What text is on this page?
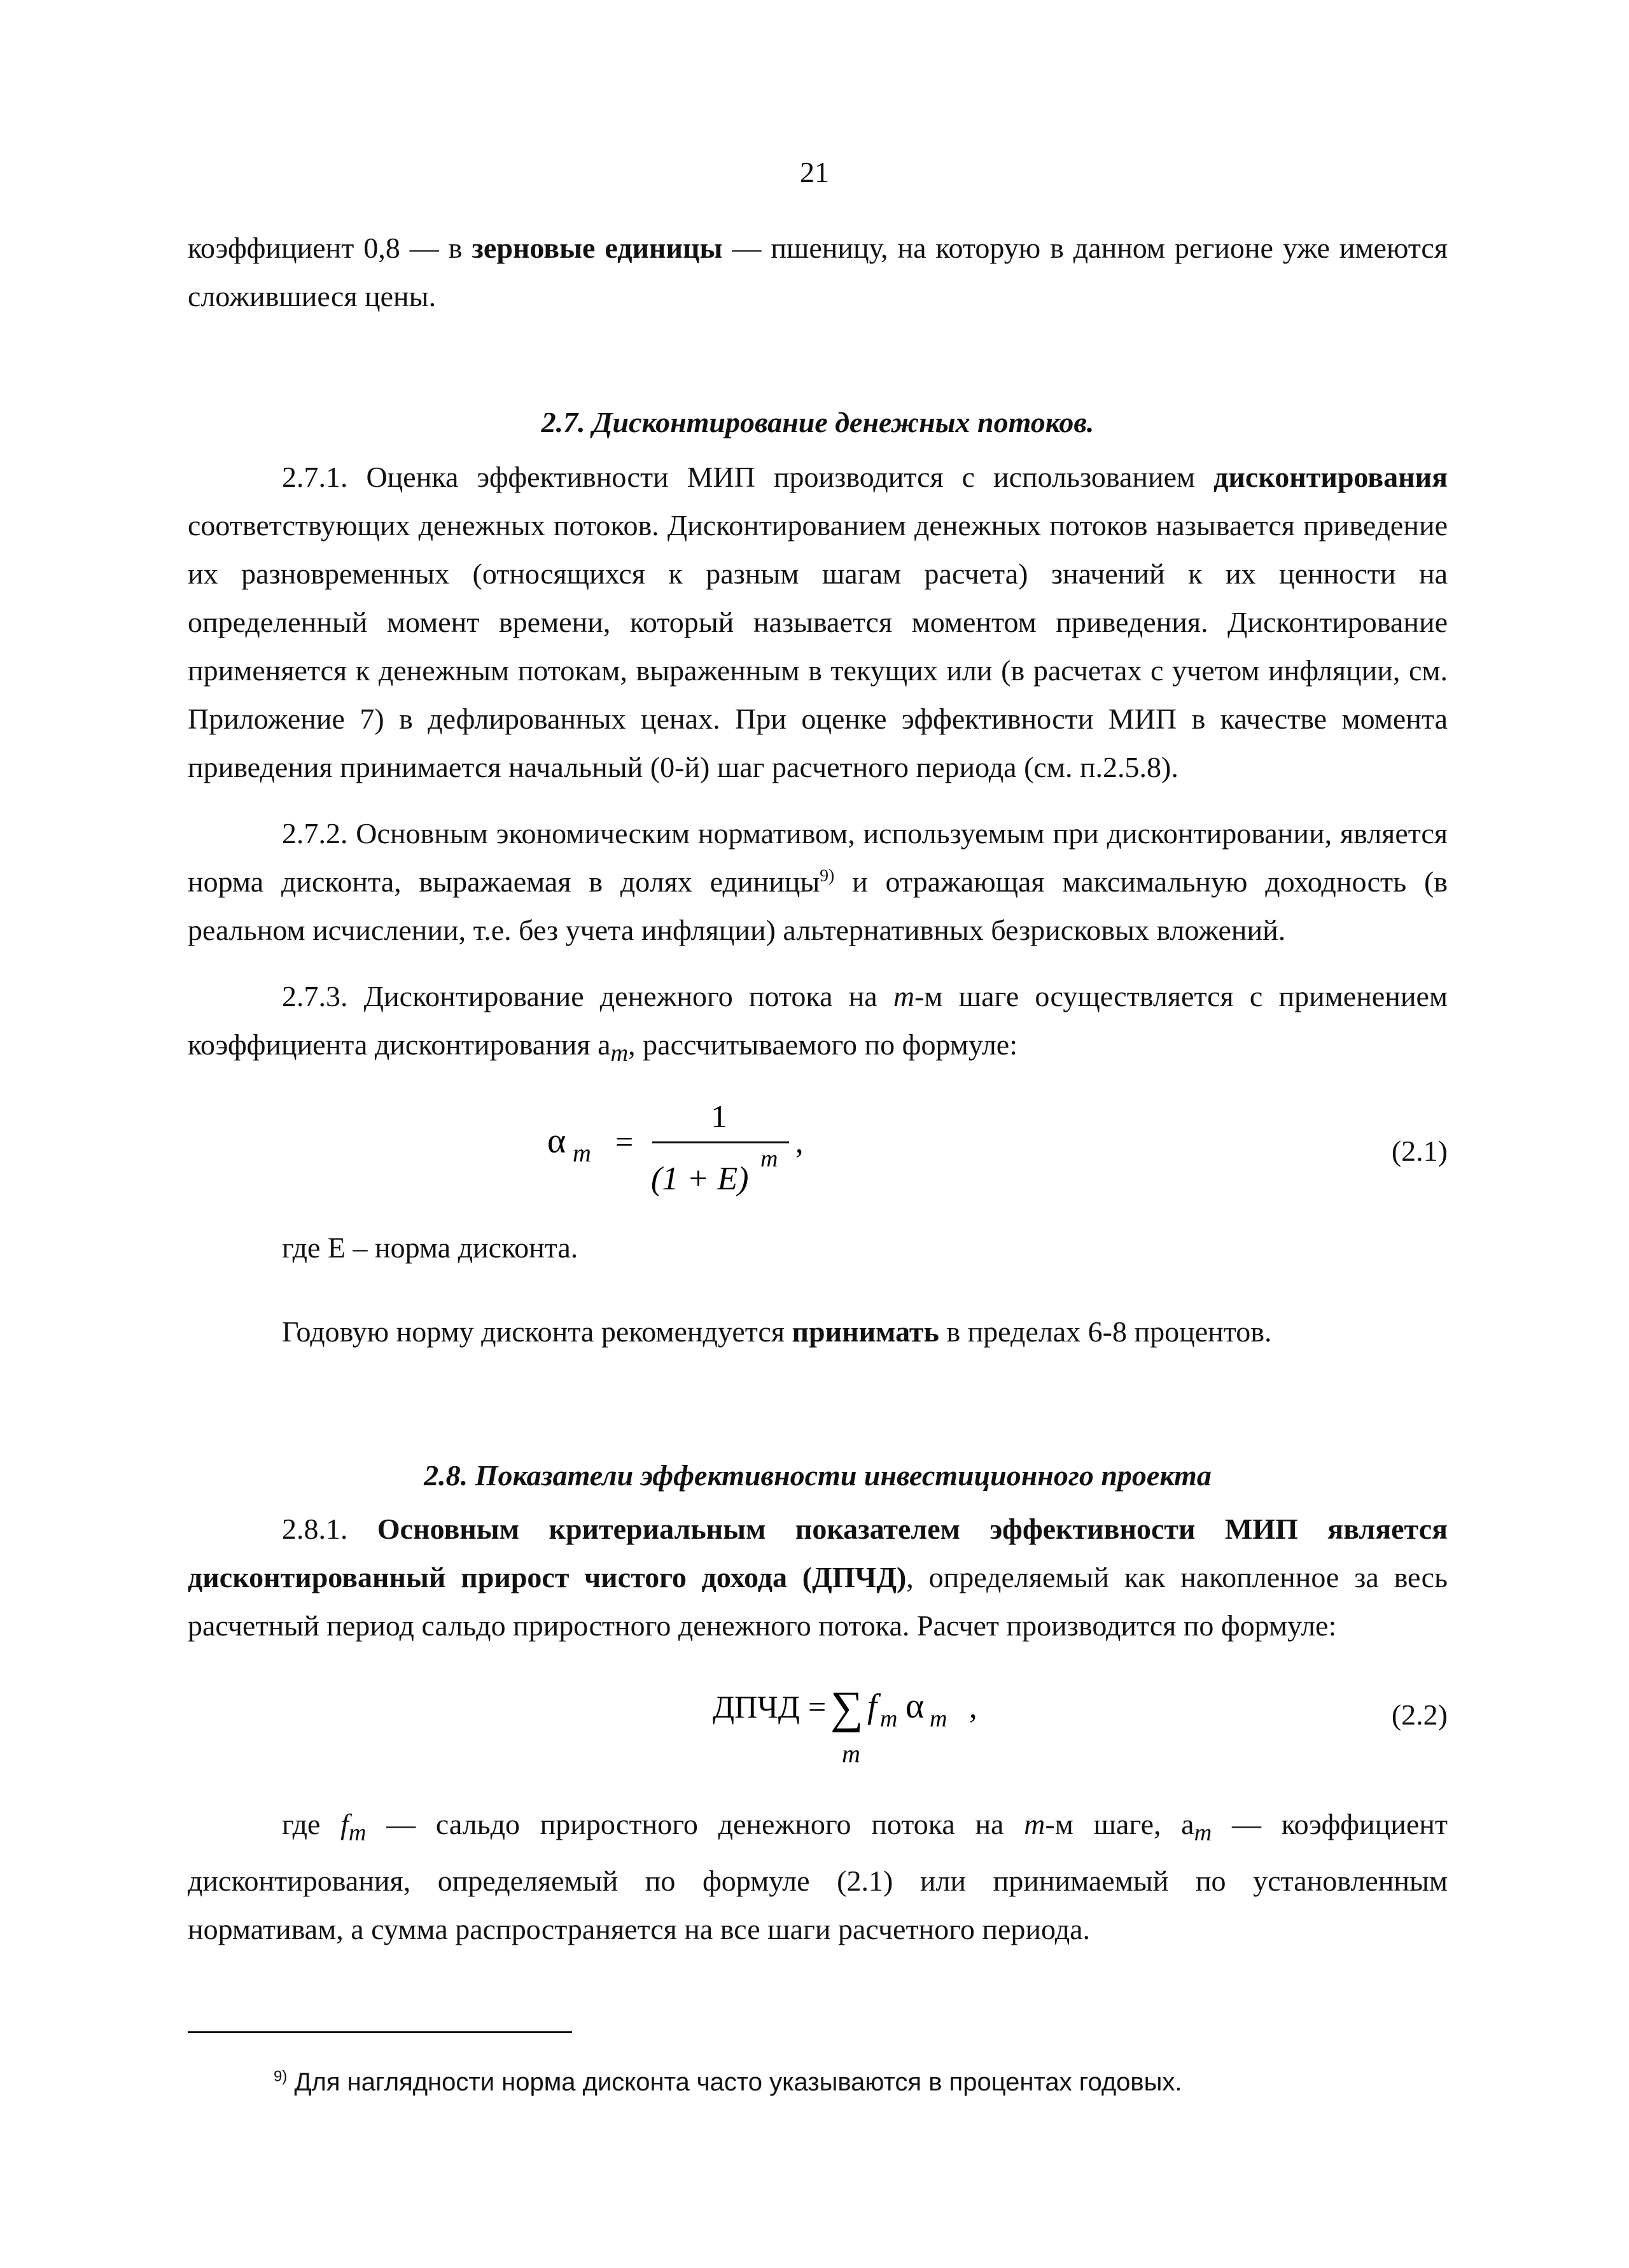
21

коэффициент 0,8 — в зерновые единицы — пшеницу, на которую в данном регионе уже имеются сложившиеся цены.

2.7. Дисконтирование денежных потоков.

2.7.1. Оценка эффективности МИП производится с использованием дисконтирования соответствующих денежных потоков. Дисконтированием денежных потоков называется приведение их разновременных (относящихся к разным шагам расчета) значений к их ценности на определенный момент времени, который называется моментом приведения. Дисконтирование применяется к денежным потокам, выраженным в текущих или (в расчетах с учетом инфляции, см. Приложение 7) в дефлированных ценах. При оценке эффективности МИП в качестве момента приведения принимается начальный (0-й) шаг расчетного периода (см. п.2.5.8).

2.7.2. Основным экономическим нормативом, используемым при дисконтировании, является норма дисконта, выражаемая в долях единицы$^{9)}$ и отражающая максимальную доходность (в реальном исчислении, т.е. без учета инфляции) альтернативных безрисковых вложений.

2.7.3. Дисконтирование денежного потока на m-м шаге осуществляется с применением коэффициента дисконтирования $a_m$, рассчитываемого по формуле:

α m =
1
(1 + E)
m ,	(2.1)

где Е – норма дисконта.

Годовую норму дисконта рекомендуется принимать в пределах 6-8 процентов.

2.8. Показатели эффективности инвестиционного проекта

2.8.1. Основным критериальным показателем эффективности МИП является дисконтированный прирост чистого дохода (ДПЧД), определяемый как накопленное за весь расчетный период сальдо приростного денежного потока. Расчет производится по формуле:

ДПЧД = ∑
m
f m α m ,	(2.2)

где $f_m$ — сальдо приростного денежного потока на m-м шаге, $a_m$ — коэффициент дисконтирования, определяемый по формуле (2.1) или принимаемый по установленным нормативам, а сумма распространяется на все шаги расчетного периода.

$^{9)}$ Для наглядности норма дисконта часто указываются в процентах годовых.
